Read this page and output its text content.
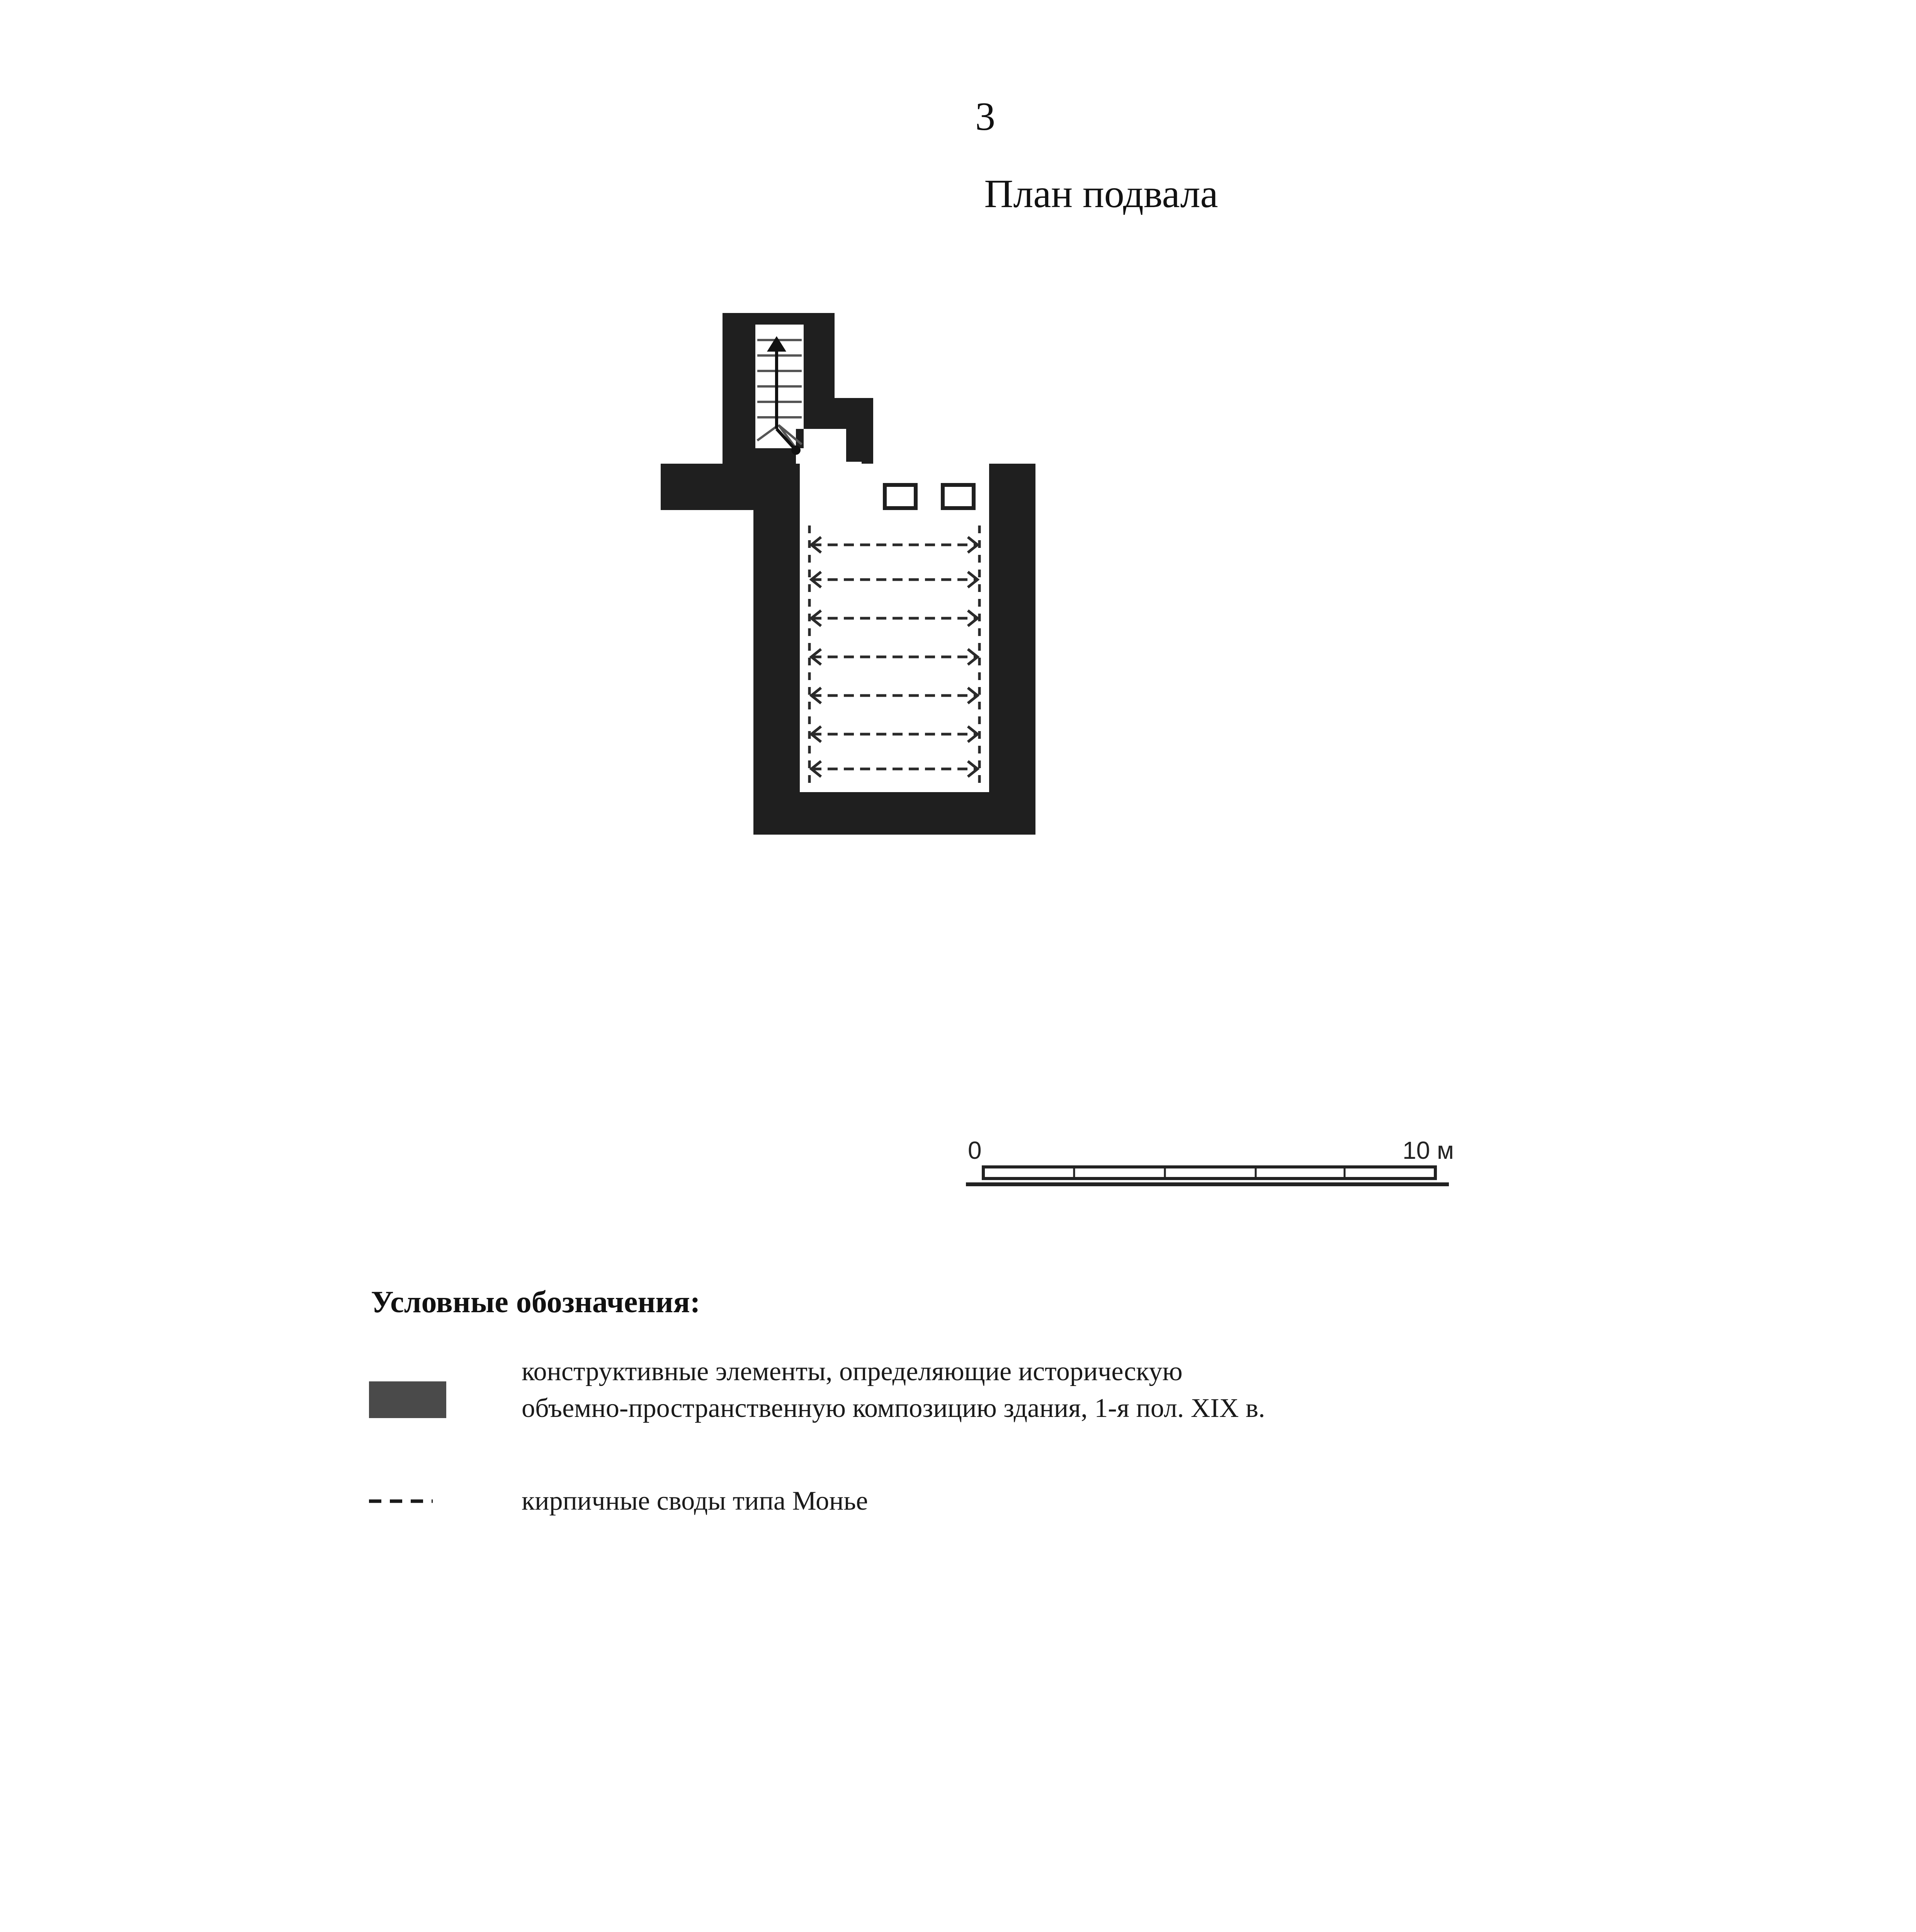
3
План подвала
0	10 м
Условные обозначения:
конструктивные элементы, определяющие историческую
объемно-пространственную композицию здания, 1-я пол. XIX в.
кирпичные своды типа Монье
